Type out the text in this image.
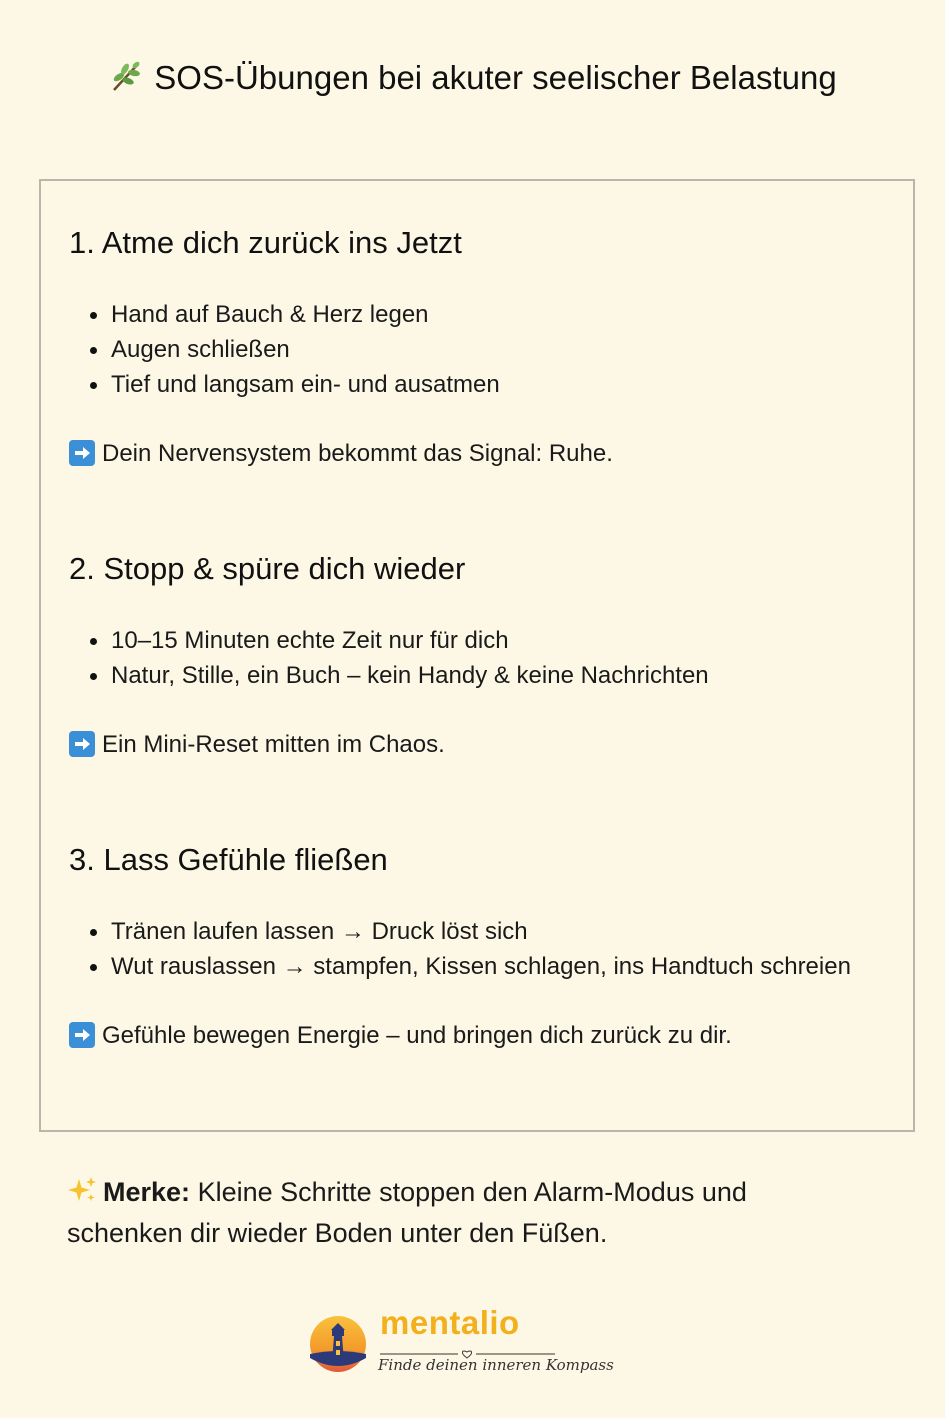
SOS-Übungen bei akuter seelischer Belastung
1. Atme dich zurück ins Jetzt
Hand auf Bauch & Herz legen
Augen schließen
Tief und langsam ein- und ausatmen
Dein Nervensystem bekommt das Signal: Ruhe.
2. Stopp & spüre dich wieder
10–15 Minuten echte Zeit nur für dich
Natur, Stille, ein Buch – kein Handy & keine Nachrichten
Ein Mini-Reset mitten im Chaos.
3. Lass Gefühle fließen
Tränen laufen lassen → Druck löst sich
Wut rauslassen → stampfen, Kissen schlagen, ins Handtuch schreien
Gefühle bewegen Energie – und bringen dich zurück zu dir.
Merke: Kleine Schritte stoppen den Alarm-Modus und schenken dir wieder Boden unter den Füßen.
mentalio
Finde deinen inneren Kompass
